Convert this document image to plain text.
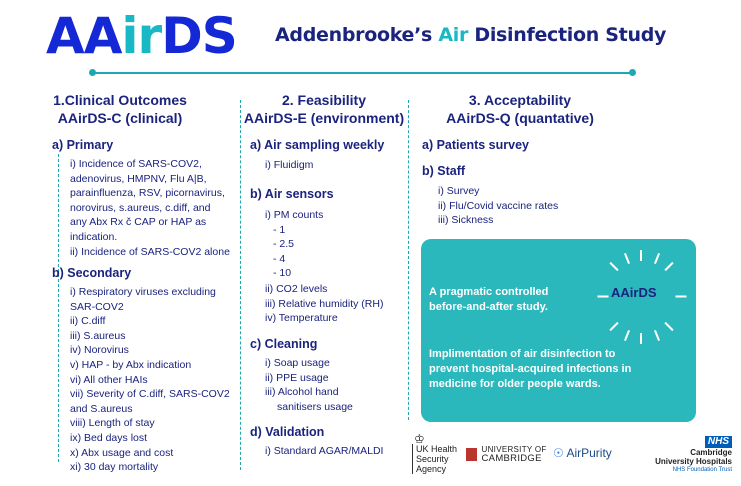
AAirDS Addenbrooke’s Air Disinfection Study
1.Clinical Outcomes
AAirDS-C (clinical)
a) Primary
i) Incidence of SARS-COV2,
adenovirus, HMPNV, Flu A|B,
parainfluenza, RSV, picornavirus,
norovirus, s.aureus, c.diff, and
any Abx Rx č CAP or HAP as
indication.
ii) Incidence of SARS-COV2 alone
b) Secondary
i) Respiratory viruses excluding
SAR-COV2
ii) C.diff
iii) S.aureus
iv) Norovirus
v) HAP - by Abx indication
vi) All other HAIs
vii) Severity of C.diff, SARS-COV2
and S.aureus
viii) Length of stay
ix) Bed days lost
x) Abx usage and cost
xi) 30 day mortality
2. Feasibility
AAirDS-E (environment)
a) Air sampling weekly
i) Fluidigm
b) Air sensors
i) PM counts
- 1
- 2.5
- 4
- 10
ii) CO2 levels
iii) Relative humidity (RH)
iv) Temperature
c) Cleaning
i) Soap usage
ii) PPE usage
iii) Alcohol hand
sanitisers usage
d) Validation
i) Standard AGAR/MALDI
3. Acceptability
AAirDS-Q (quantative)
a) Patients survey
b) Staff
i) Survey
ii) Flu/Covid vaccine rates
iii) Sickness
AAirDS
A pragmatic controlled
before-and-after study.
Implimentation of air disinfection to
prevent hospital-acquired infections in
medicine for older people wards.
♔
UK Health
Security
Agency

UNIVERSITY OF
CAMBRIDGE ☉ AirPurity
NHS
Cambridge
University Hospitals
NHS Foundation Trust
